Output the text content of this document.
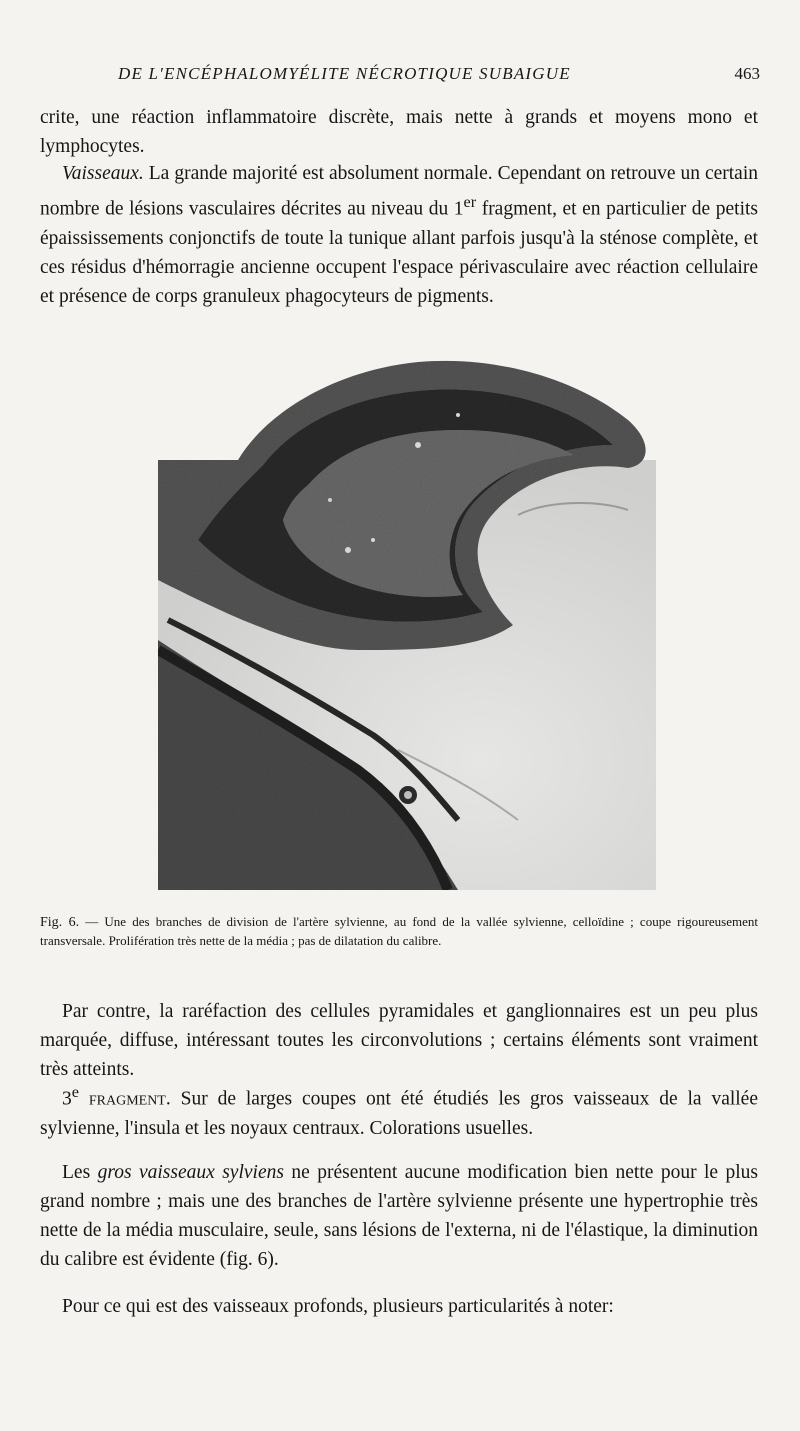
DE L'ENCÉPHALOMYÉLITE NÉCROTIQUE SUBAIGUE	463

crite, une réaction inflammatoire discrète, mais nette à grands et moyens mono et lymphocytes.

Vaisseaux. La grande majorité est absolument normale. Cependant on retrouve un certain nombre de lésions vasculaires décrites au niveau du 1er fragment, et en particulier de petits épaississements conjonctifs de toute la tunique allant parfois jusqu'à la sténose complète, et ces résidus d'hémorragie ancienne occupent l'espace périvasculaire avec réaction cellulaire et présence de corps granuleux phagocyteurs de pigments.

Fig. 6. — Une des branches de division de l'artère sylvienne, au fond de la vallée sylvienne, celloïdine ; coupe rigoureusement transversale. Prolifération très nette de la média ; pas de dilatation du calibre.

Par contre, la raréfaction des cellules pyramidales et ganglionnaires est un peu plus marquée, diffuse, intéressant toutes les circonvolutions ; certains éléments sont vraiment très atteints.

3e fragment. Sur de larges coupes ont été étudiés les gros vaisseaux de la vallée sylvienne, l'insula et les noyaux centraux. Colorations usuelles.

Les gros vaisseaux sylviens ne présentent aucune modification bien nette pour le plus grand nombre ; mais une des branches de l'artère sylvienne présente une hypertrophie très nette de la média musculaire, seule, sans lésions de l'externa, ni de l'élastique, la diminution du calibre est évidente (fig. 6).

Pour ce qui est des vaisseaux profonds, plusieurs particularités à noter:
